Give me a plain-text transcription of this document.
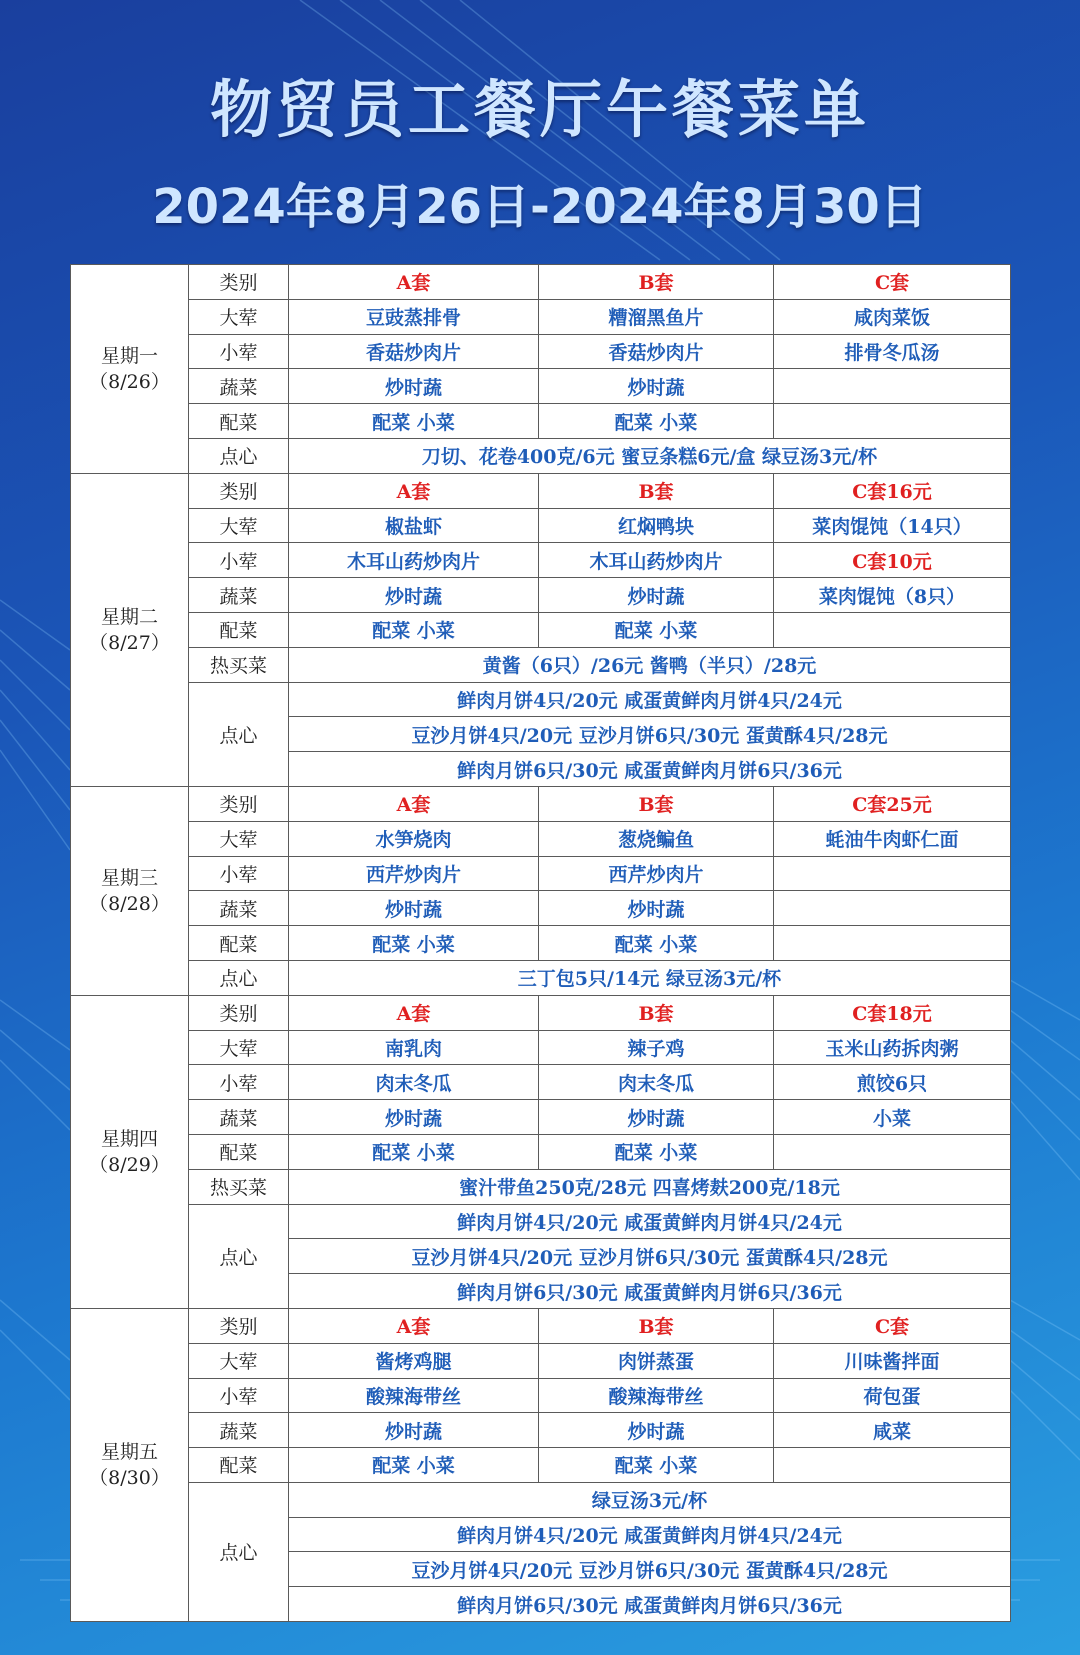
物贸员工餐厅午餐菜单
2024年8月26日-2024年8月30日
星期一
（8/26）	类别	A套	B套	C套
	大荤	豆豉蒸排骨	糟溜黑鱼片	咸肉菜饭
	小荤	香菇炒肉片	香菇炒肉片	排骨冬瓜汤
	蔬菜	炒时蔬	炒时蔬	
	配菜	配菜 小菜	配菜 小菜	
	点心	刀切、花卷400克/6元 蜜豆条糕6元/盒 绿豆汤3元/杯		
星期二
（8/27）	类别	A套	B套	C套16元
	大荤	椒盐虾	红焖鸭块	菜肉馄饨（14只）
	小荤	木耳山药炒肉片	木耳山药炒肉片	C套10元
	蔬菜	炒时蔬	炒时蔬	菜肉馄饨（8只）
	配菜	配菜 小菜	配菜 小菜	
	热买菜	黄酱（6只）/26元 酱鸭（半只）/28元		
	点心	鲜肉月饼4只/20元 咸蛋黄鲜肉月饼4只/24元		
		豆沙月饼4只/20元 豆沙月饼6只/30元 蛋黄酥4只/28元		
		鲜肉月饼6只/30元 咸蛋黄鲜肉月饼6只/36元		
星期三
（8/28）	类别	A套	B套	C套25元
	大荤	水笋烧肉	葱烧鳊鱼	蚝油牛肉虾仁面
	小荤	西芹炒肉片	西芹炒肉片	
	蔬菜	炒时蔬	炒时蔬	
	配菜	配菜 小菜	配菜 小菜	
	点心	三丁包5只/14元 绿豆汤3元/杯		
星期四
（8/29）	类别	A套	B套	C套18元
	大荤	南乳肉	辣子鸡	玉米山药拆肉粥
	小荤	肉末冬瓜	肉末冬瓜	煎饺6只
	蔬菜	炒时蔬	炒时蔬	小菜
	配菜	配菜 小菜	配菜 小菜	
	热买菜	蜜汁带鱼250克/28元 四喜烤麸200克/18元		
	点心	鲜肉月饼4只/20元 咸蛋黄鲜肉月饼4只/24元		
		豆沙月饼4只/20元 豆沙月饼6只/30元 蛋黄酥4只/28元		
		鲜肉月饼6只/30元 咸蛋黄鲜肉月饼6只/36元		
星期五
（8/30）	类别	A套	B套	C套
	大荤	酱烤鸡腿	肉饼蒸蛋	川味酱拌面
	小荤	酸辣海带丝	酸辣海带丝	荷包蛋
	蔬菜	炒时蔬	炒时蔬	咸菜
	配菜	配菜 小菜	配菜 小菜	
	点心	绿豆汤3元/杯		
		鲜肉月饼4只/20元 咸蛋黄鲜肉月饼4只/24元		
		豆沙月饼4只/20元 豆沙月饼6只/30元 蛋黄酥4只/28元		
		鲜肉月饼6只/30元 咸蛋黄鲜肉月饼6只/36元		
